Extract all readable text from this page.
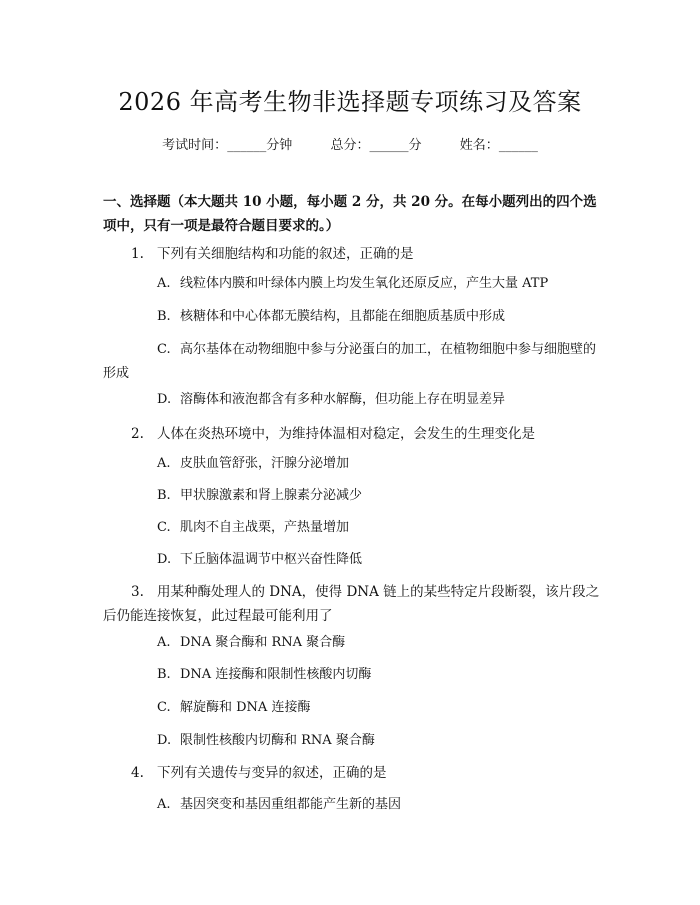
2026 年高考生物非选择题专项练习及答案
考试时间：______分钟	总分：______分	姓名：______
一、选择题（本大题共 10 小题，每小题 2 分，共 20 分。在每小题列出的四个选项中，只有一项是最符合题目要求的。）
1. 下列有关细胞结构和功能的叙述，正确的是
A. 线粒体内膜和叶绿体内膜上均发生氧化还原反应，产生大量 ATP
B. 核糖体和中心体都无膜结构，且都能在细胞质基质中形成
C. 高尔基体在动物细胞中参与分泌蛋白的加工，在植物细胞中参与细胞壁的形成
D. 溶酶体和液泡都含有多种水解酶，但功能上存在明显差异
2. 人体在炎热环境中，为维持体温相对稳定，会发生的生理变化是
A. 皮肤血管舒张，汗腺分泌增加
B. 甲状腺激素和肾上腺素分泌减少
C. 肌肉不自主战栗，产热量增加
D. 下丘脑体温调节中枢兴奋性降低
3. 用某种酶处理人的 DNA，使得 DNA 链上的某些特定片段断裂，该片段之后仍能连接恢复，此过程最可能利用了
A. DNA 聚合酶和 RNA 聚合酶
B. DNA 连接酶和限制性核酸内切酶
C. 解旋酶和 DNA 连接酶
D. 限制性核酸内切酶和 RNA 聚合酶
4. 下列有关遗传与变异的叙述，正确的是
A. 基因突变和基因重组都能产生新的基因
